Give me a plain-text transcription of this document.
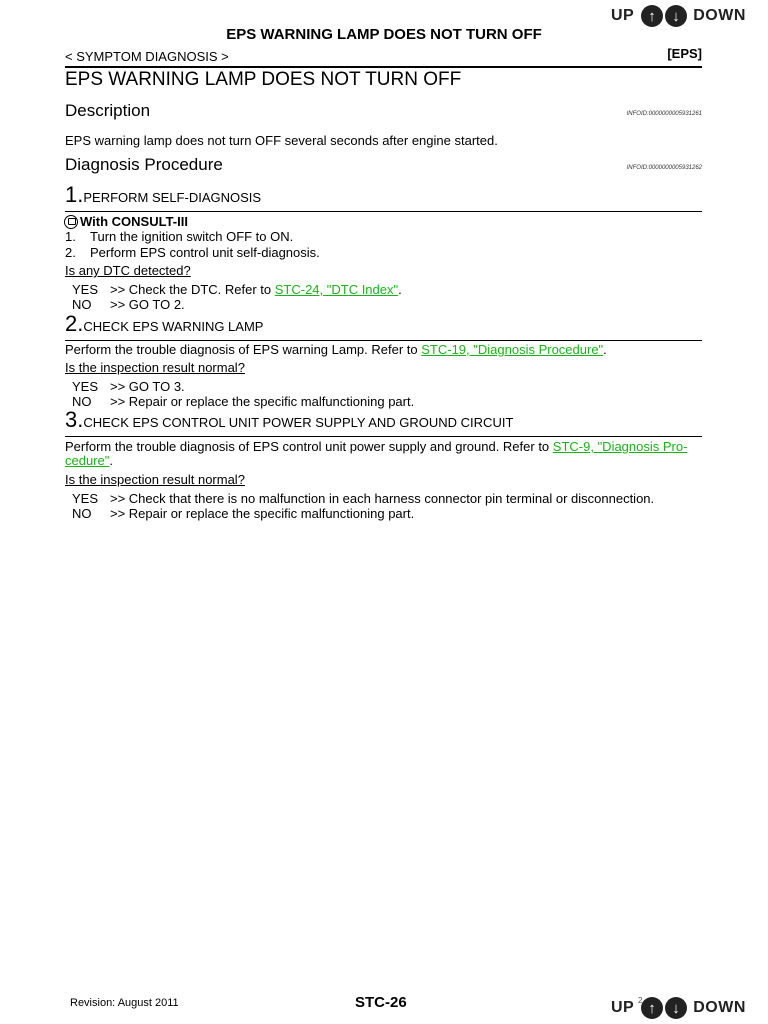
UP ↑	↓ DOWN
EPS WARNING LAMP DOES NOT TURN OFF
< SYMPTOM DIAGNOSIS >	[EPS]
EPS WARNING LAMP DOES NOT TURN OFF
Description	INFOID:0000000005931261
EPS warning lamp does not turn OFF several seconds after engine started.
Diagnosis Procedure	INFOID:0000000005931262
1. PERFORM SELF-DIAGNOSIS
With CONSULT-III
1. Turn the ignition switch OFF to ON.
2. Perform EPS control unit self-diagnosis.
Is any DTC detected?
YES >> Check the DTC. Refer to STC-24, "DTC Index".
NO	>> GO TO 2.
2. CHECK EPS WARNING LAMP
Perform the trouble diagnosis of EPS warning Lamp. Refer to STC-19, "Diagnosis Procedure".
Is the inspection result normal?
YES >> GO TO 3.
NO	>> Repair or replace the specific malfunctioning part.
3. CHECK EPS CONTROL UNIT POWER SUPPLY AND GROUND CIRCUIT
Perform the trouble diagnosis of EPS control unit power supply and ground. Refer to STC-9, "Diagnosis Pro-
cedure".
Is the inspection result normal?
YES >> Check that there is no malfunction in each harness connector pin terminal or disconnection.
NO	>> Repair or replace the specific malfunctioning part.
Revision: August 2011	STC-26	UP ↑	↓ DOWN
2
